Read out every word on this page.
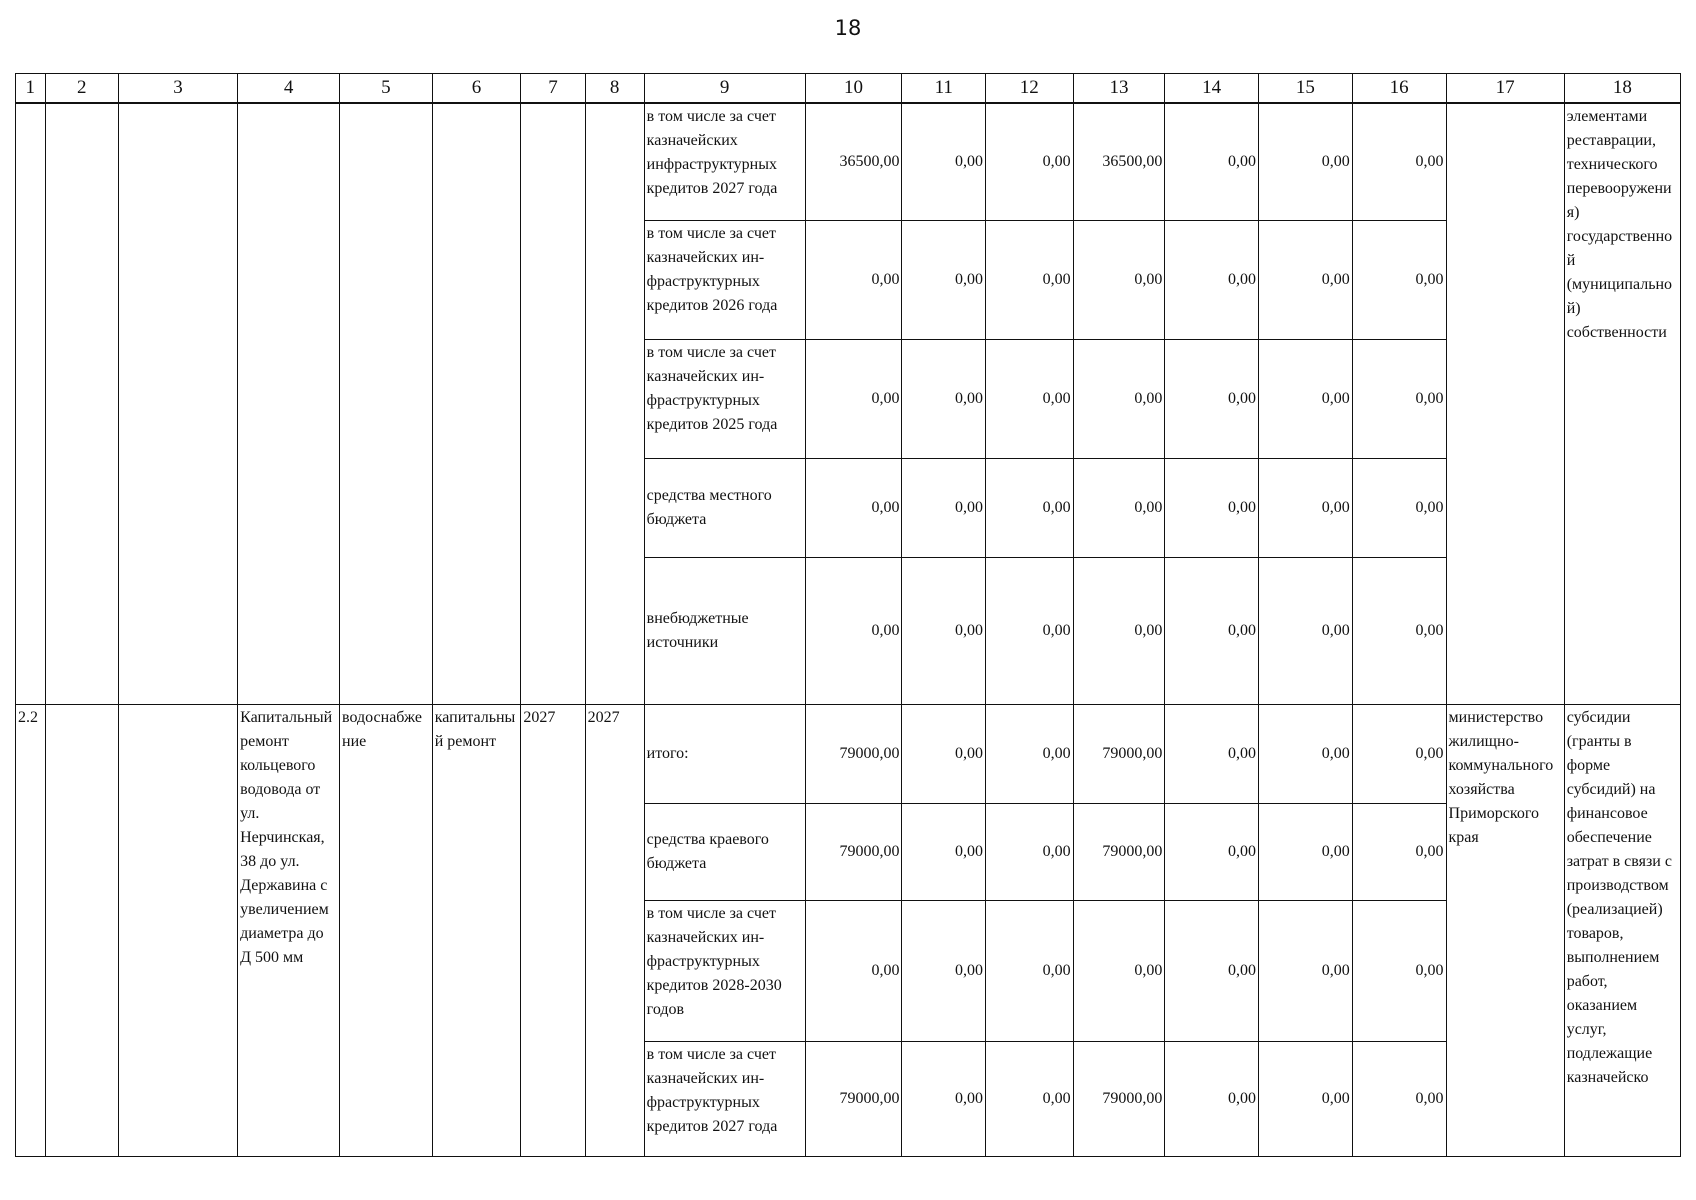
18
1	2	3	4	5	6	7	8	9	10	11	12	13	14	15	16	17	18
								в том числе за счет казначейских инфраструктурных кредитов 2027 года	36500,00	0,00	0,00	36500,00	0,00	0,00	0,00		элементами реставрации, технического перевооружения) государственной (муниципальной) собственности
								в том числе за счет казначейских ин-фраструктурных кредитов 2026 года	0,00	0,00	0,00	0,00	0,00	0,00	0,00		
								в том числе за счет казначейских ин-фраструктурных кредитов 2025 года	0,00	0,00	0,00	0,00	0,00	0,00	0,00		
								средства местного бюджета	0,00	0,00	0,00	0,00	0,00	0,00	0,00		
								внебюджетные источники	0,00	0,00	0,00	0,00	0,00	0,00	0,00		
2.2			Капитальный ремонт кольцевого водовода от ул. Нерчинская, 38 до ул. Державина с увеличением диаметра до Д 500 мм	водоснабжение	капитальный ремонт	2027	2027	итого:	79000,00	0,00	0,00	79000,00	0,00	0,00	0,00	министерство жилищно-коммунального хозяйства Приморского края	субсидии (гранты в форме субсидий) на финансовое обеспечение затрат в связи с производством (реализацией) товаров, выполнением работ, оказанием услуг, подлежащие казначейско
								средства краевого бюджета	79000,00	0,00	0,00	79000,00	0,00	0,00	0,00		
								в том числе за счет казначейских ин-фраструктурных кредитов 2028-2030 годов	0,00	0,00	0,00	0,00	0,00	0,00	0,00		
								в том числе за счет казначейских ин-фраструктурных кредитов 2027 года	79000,00	0,00	0,00	79000,00	0,00	0,00	0,00		
